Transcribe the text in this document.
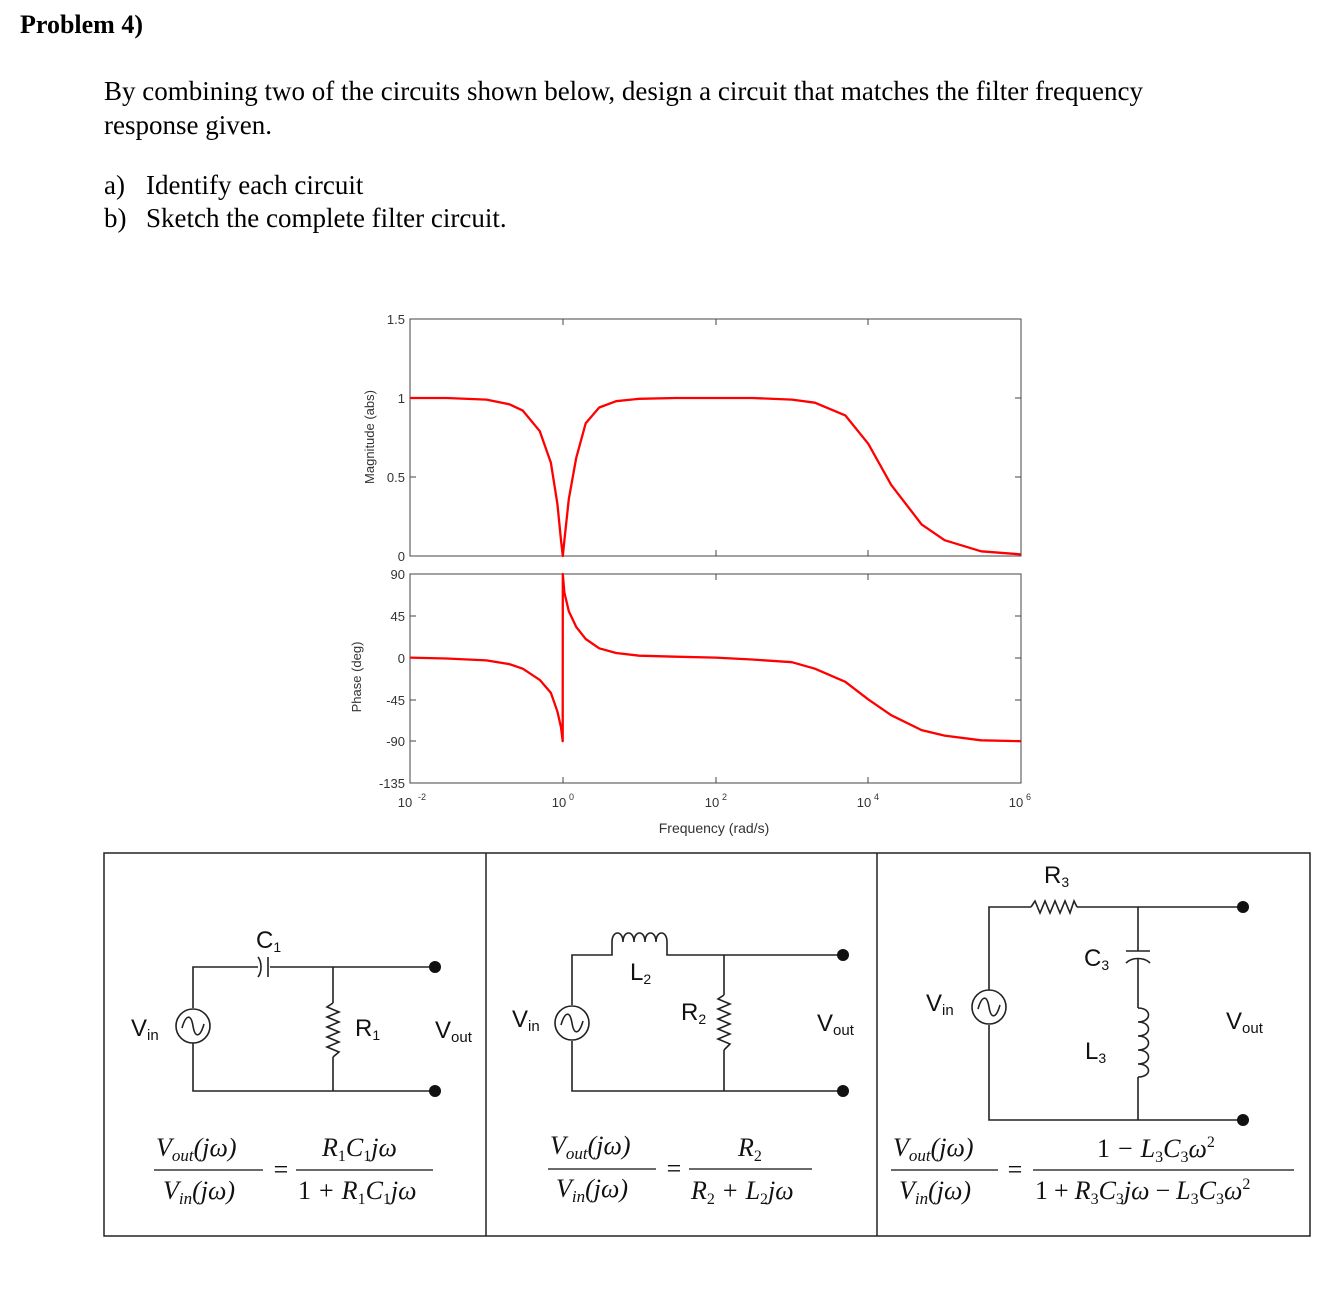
Problem 4)
By combining two of the circuits shown below, design a circuit that matches the filter frequency response given.
a) Identify each circuit
b) Sketch the complete filter circuit.
1.5
1
0.5
0
Magnitude (abs)
90
45
0
-45
-90
-135
Phase (deg)
10 -2	10 0	10 2	10 4	10 6
Frequency (rad/s)
Vin
C1
R1 Vout
Vin
L2
R2	Vout
Vin
R3
C3
L3
Vout
Vout(jω)
Vin(jω)
=
R1C1jω
1 + R1C1jω
Vout(jω)
Vin(jω)
=
R2
R2 + L2jω
Vout(jω)
Vin(jω)
=
$1 - L3C3\omega^2$
$1 + R3C3j\omega - L3C3\omega^2$
